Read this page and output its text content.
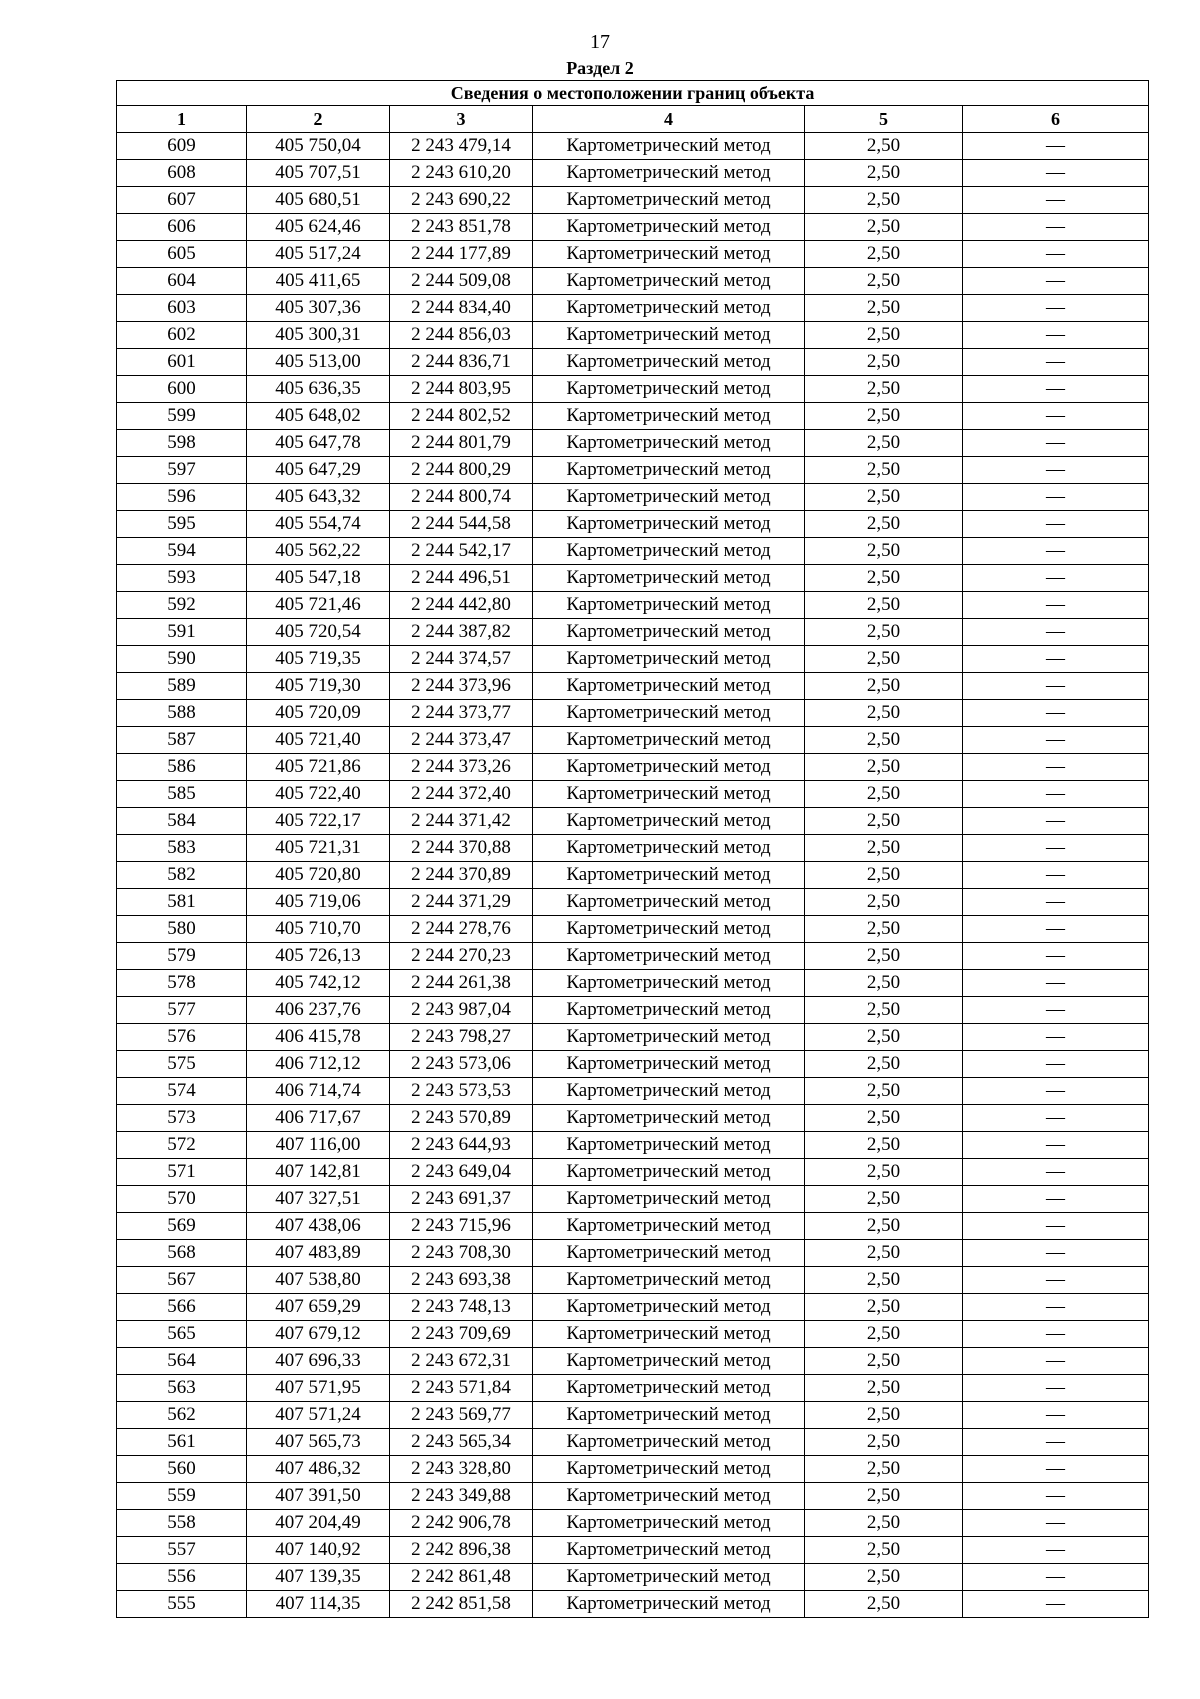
17
Раздел 2
Сведения о местоположении границ объекта					
1	2	3	4	5	6
609	405 750,04	2 243 479,14	Картометрический метод	2,50	—
608	405 707,51	2 243 610,20	Картометрический метод	2,50	—
607	405 680,51	2 243 690,22	Картометрический метод	2,50	—
606	405 624,46	2 243 851,78	Картометрический метод	2,50	—
605	405 517,24	2 244 177,89	Картометрический метод	2,50	—
604	405 411,65	2 244 509,08	Картометрический метод	2,50	—
603	405 307,36	2 244 834,40	Картометрический метод	2,50	—
602	405 300,31	2 244 856,03	Картометрический метод	2,50	—
601	405 513,00	2 244 836,71	Картометрический метод	2,50	—
600	405 636,35	2 244 803,95	Картометрический метод	2,50	—
599	405 648,02	2 244 802,52	Картометрический метод	2,50	—
598	405 647,78	2 244 801,79	Картометрический метод	2,50	—
597	405 647,29	2 244 800,29	Картометрический метод	2,50	—
596	405 643,32	2 244 800,74	Картометрический метод	2,50	—
595	405 554,74	2 244 544,58	Картометрический метод	2,50	—
594	405 562,22	2 244 542,17	Картометрический метод	2,50	—
593	405 547,18	2 244 496,51	Картометрический метод	2,50	—
592	405 721,46	2 244 442,80	Картометрический метод	2,50	—
591	405 720,54	2 244 387,82	Картометрический метод	2,50	—
590	405 719,35	2 244 374,57	Картометрический метод	2,50	—
589	405 719,30	2 244 373,96	Картометрический метод	2,50	—
588	405 720,09	2 244 373,77	Картометрический метод	2,50	—
587	405 721,40	2 244 373,47	Картометрический метод	2,50	—
586	405 721,86	2 244 373,26	Картометрический метод	2,50	—
585	405 722,40	2 244 372,40	Картометрический метод	2,50	—
584	405 722,17	2 244 371,42	Картометрический метод	2,50	—
583	405 721,31	2 244 370,88	Картометрический метод	2,50	—
582	405 720,80	2 244 370,89	Картометрический метод	2,50	—
581	405 719,06	2 244 371,29	Картометрический метод	2,50	—
580	405 710,70	2 244 278,76	Картометрический метод	2,50	—
579	405 726,13	2 244 270,23	Картометрический метод	2,50	—
578	405 742,12	2 244 261,38	Картометрический метод	2,50	—
577	406 237,76	2 243 987,04	Картометрический метод	2,50	—
576	406 415,78	2 243 798,27	Картометрический метод	2,50	—
575	406 712,12	2 243 573,06	Картометрический метод	2,50	—
574	406 714,74	2 243 573,53	Картометрический метод	2,50	—
573	406 717,67	2 243 570,89	Картометрический метод	2,50	—
572	407 116,00	2 243 644,93	Картометрический метод	2,50	—
571	407 142,81	2 243 649,04	Картометрический метод	2,50	—
570	407 327,51	2 243 691,37	Картометрический метод	2,50	—
569	407 438,06	2 243 715,96	Картометрический метод	2,50	—
568	407 483,89	2 243 708,30	Картометрический метод	2,50	—
567	407 538,80	2 243 693,38	Картометрический метод	2,50	—
566	407 659,29	2 243 748,13	Картометрический метод	2,50	—
565	407 679,12	2 243 709,69	Картометрический метод	2,50	—
564	407 696,33	2 243 672,31	Картометрический метод	2,50	—
563	407 571,95	2 243 571,84	Картометрический метод	2,50	—
562	407 571,24	2 243 569,77	Картометрический метод	2,50	—
561	407 565,73	2 243 565,34	Картометрический метод	2,50	—
560	407 486,32	2 243 328,80	Картометрический метод	2,50	—
559	407 391,50	2 243 349,88	Картометрический метод	2,50	—
558	407 204,49	2 242 906,78	Картометрический метод	2,50	—
557	407 140,92	2 242 896,38	Картометрический метод	2,50	—
556	407 139,35	2 242 861,48	Картометрический метод	2,50	—
555	407 114,35	2 242 851,58	Картометрический метод	2,50	—
